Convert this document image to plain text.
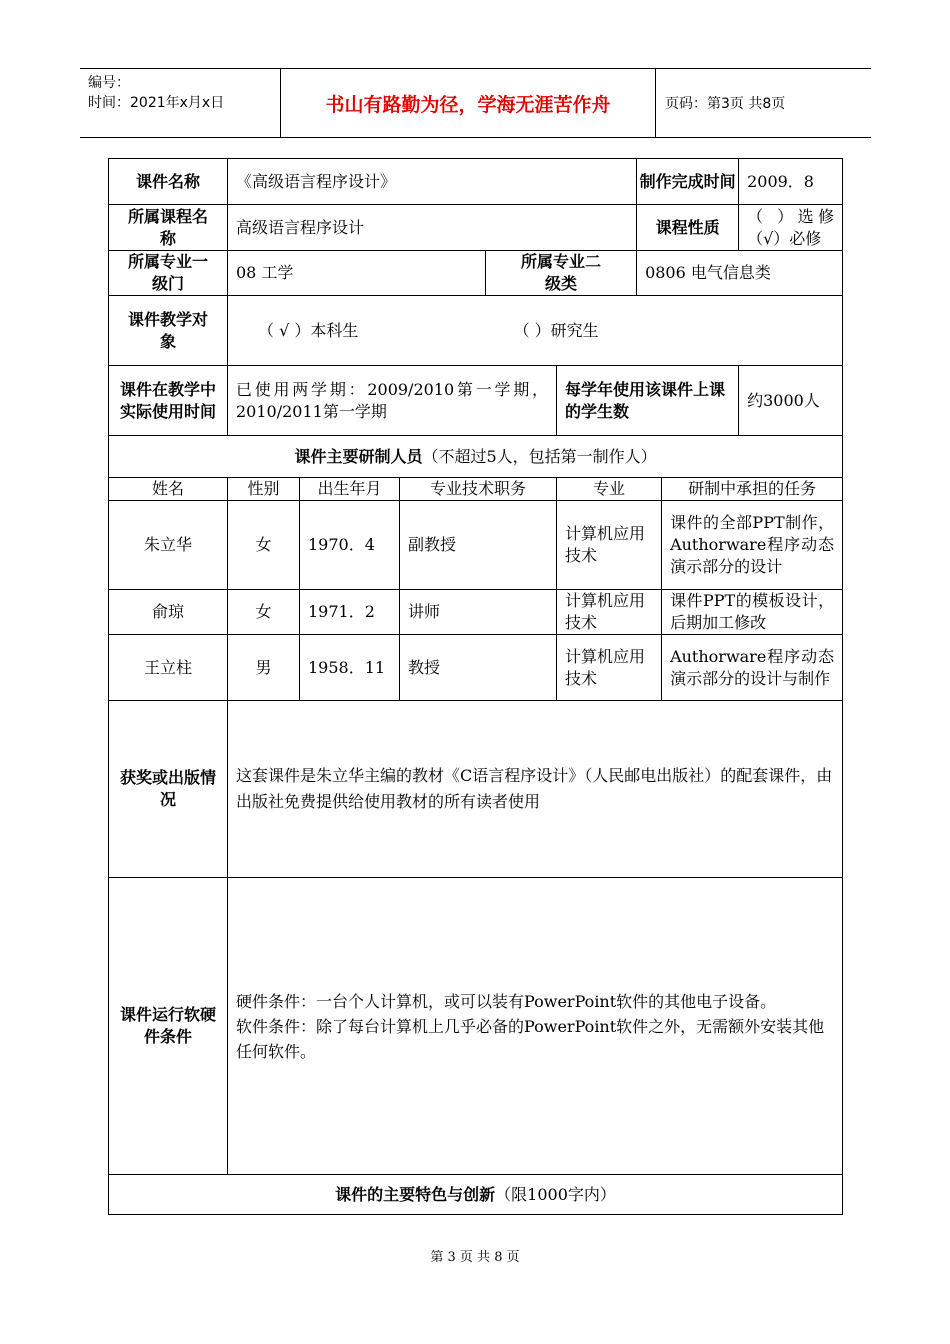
编号：
时间：2021年x月x日	书山有路勤为径，学海无涯苦作舟	页码：第3页 共8页
课件名称	《高级语言程序设计》					制作完成时间		2009．8
所属课程名称	高级语言程序设计					课程性质		（ ）选修 （√）必修
所属专业一级门	08 工学			所属专业二级类		0806 电气信息类		
课件教学对象	（ √ ）本科生 （ ）研究生							
课件在教学中实际使用时间	已使用两学期：2009/2010第一学期，2010/2011第一学期				每学年使用该课件上课的学生数			约3000人
课件主要研制人员（不超过5人，包括第一制作人）								
姓名	性别	出生年月	专业技术职务		专业		研制中承担的任务	
朱立华	女	1970．4	副教授		计算机应用技术		课件的全部PPT制作，Authorware程序动态演示部分的设计	
俞琼	女	1971．2	讲师		计算机应用技术		课件PPT的模板设计，后期加工修改	
王立柱	男	1958．11	教授		计算机应用技术		Authorware程序动态演示部分的设计与制作	
获奖或出版情况	这套课件是朱立华主编的教材《C语言程序设计》（人民邮电出版社）的配套课件，由出版社免费提供给使用教材的所有读者使用							
课件运行软硬件条件	硬件条件：一台个人计算机，或可以装有PowerPoint软件的其他电子设备。

软件条件：除了每台计算机上几乎必备的PowerPoint软件之外，无需额外安装其他任何软件。							

课件的主要特色与创新（限1000字内）								
第 3 页 共 8 页
